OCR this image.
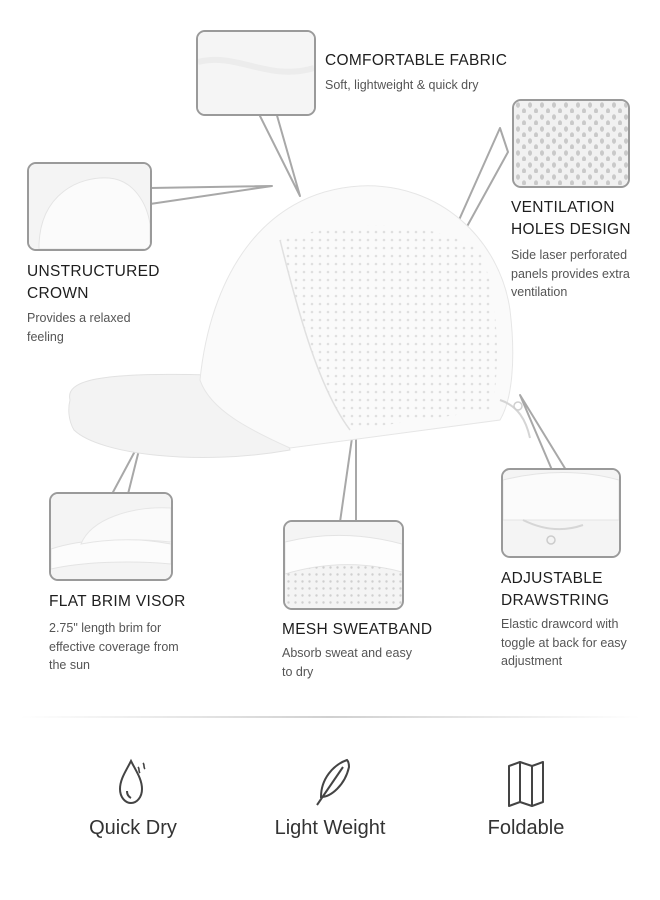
COMFORTABLE FABRIC
Soft, lightweight & quick dry
VENTILATION
HOLES DESIGN
Side laser perforated
panels provides extra
ventilation
UNSTRUCTURED
CROWN
Provides a relaxed
feeling
FLAT BRIM VISOR
2.75" length brim for
effective coverage from
the sun
MESH SWEATBAND
Absorb sweat and easy
to dry
ADJUSTABLE
DRAWSTRING
Elastic drawcord with
toggle at back for easy
adjustment
Quick Dry	Light Weight	Foldable
